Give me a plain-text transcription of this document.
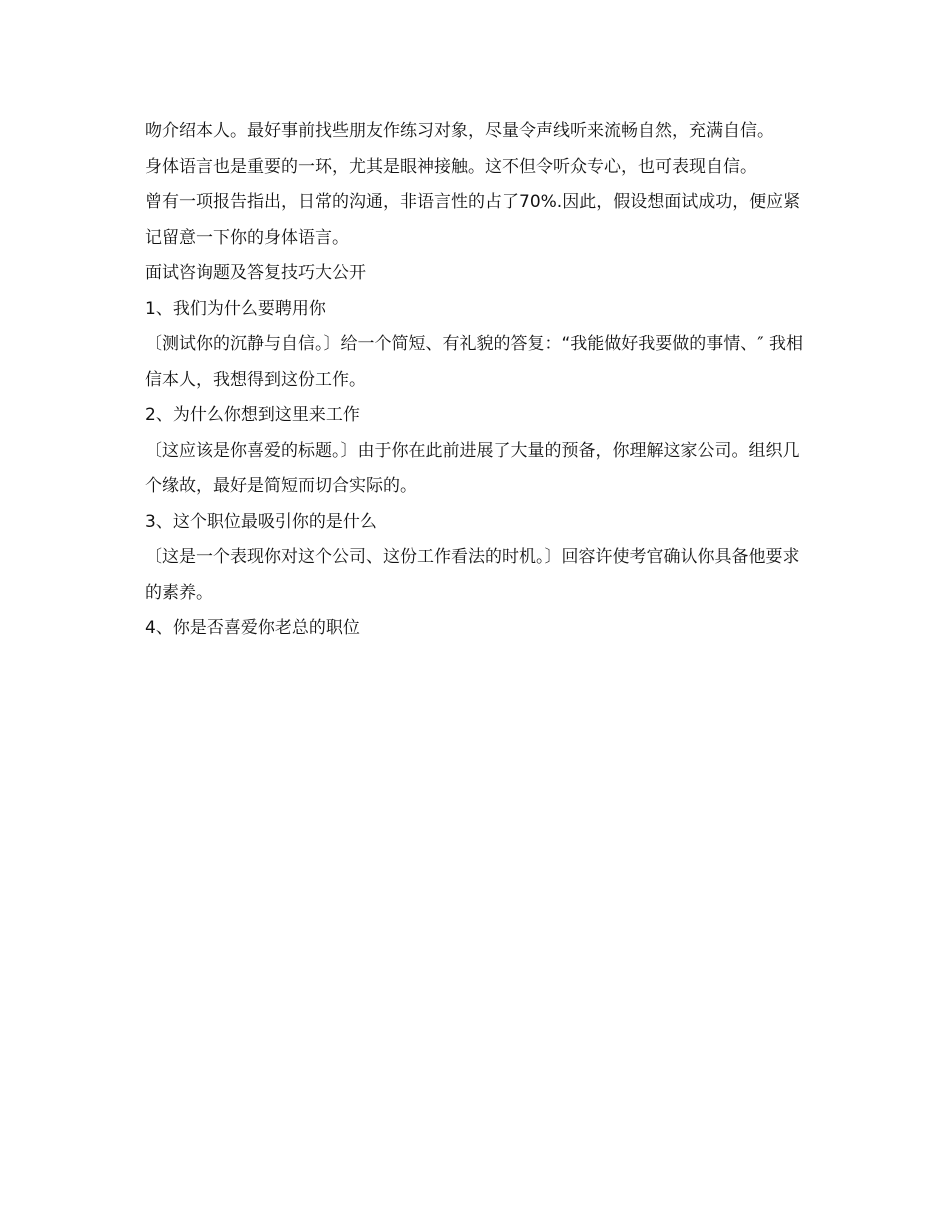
吻介绍本人。最好事前找些朋友作练习对象，尽量令声线听来流畅自然，充满自信。

身体语言也是重要的一环，尤其是眼神接触。这不但令听众专心，也可表现自信。

曾有一项报告指出，日常的沟通，非语言性的占了70%.因此，假设想面试成功，便应紧记留意一下你的身体语言。

面试咨询题及答复技巧大公开

1、我们为什么要聘用你

〔测试你的沉静与自信。〕给一个简短、有礼貌的答复：“我能做好我要做的事情、″ 我相信本人，我想得到这份工作。

2、为什么你想到这里来工作

〔这应该是你喜爱的标题。〕由于你在此前进展了大量的预备，你理解这家公司。组织几个缘故，最好是简短而切合实际的。

3、这个职位最吸引你的是什么

〔这是一个表现你对这个公司、这份工作看法的时机。〕回容许使考官确认你具备他要求的素养。

4、你是否喜爱你老总的职位
